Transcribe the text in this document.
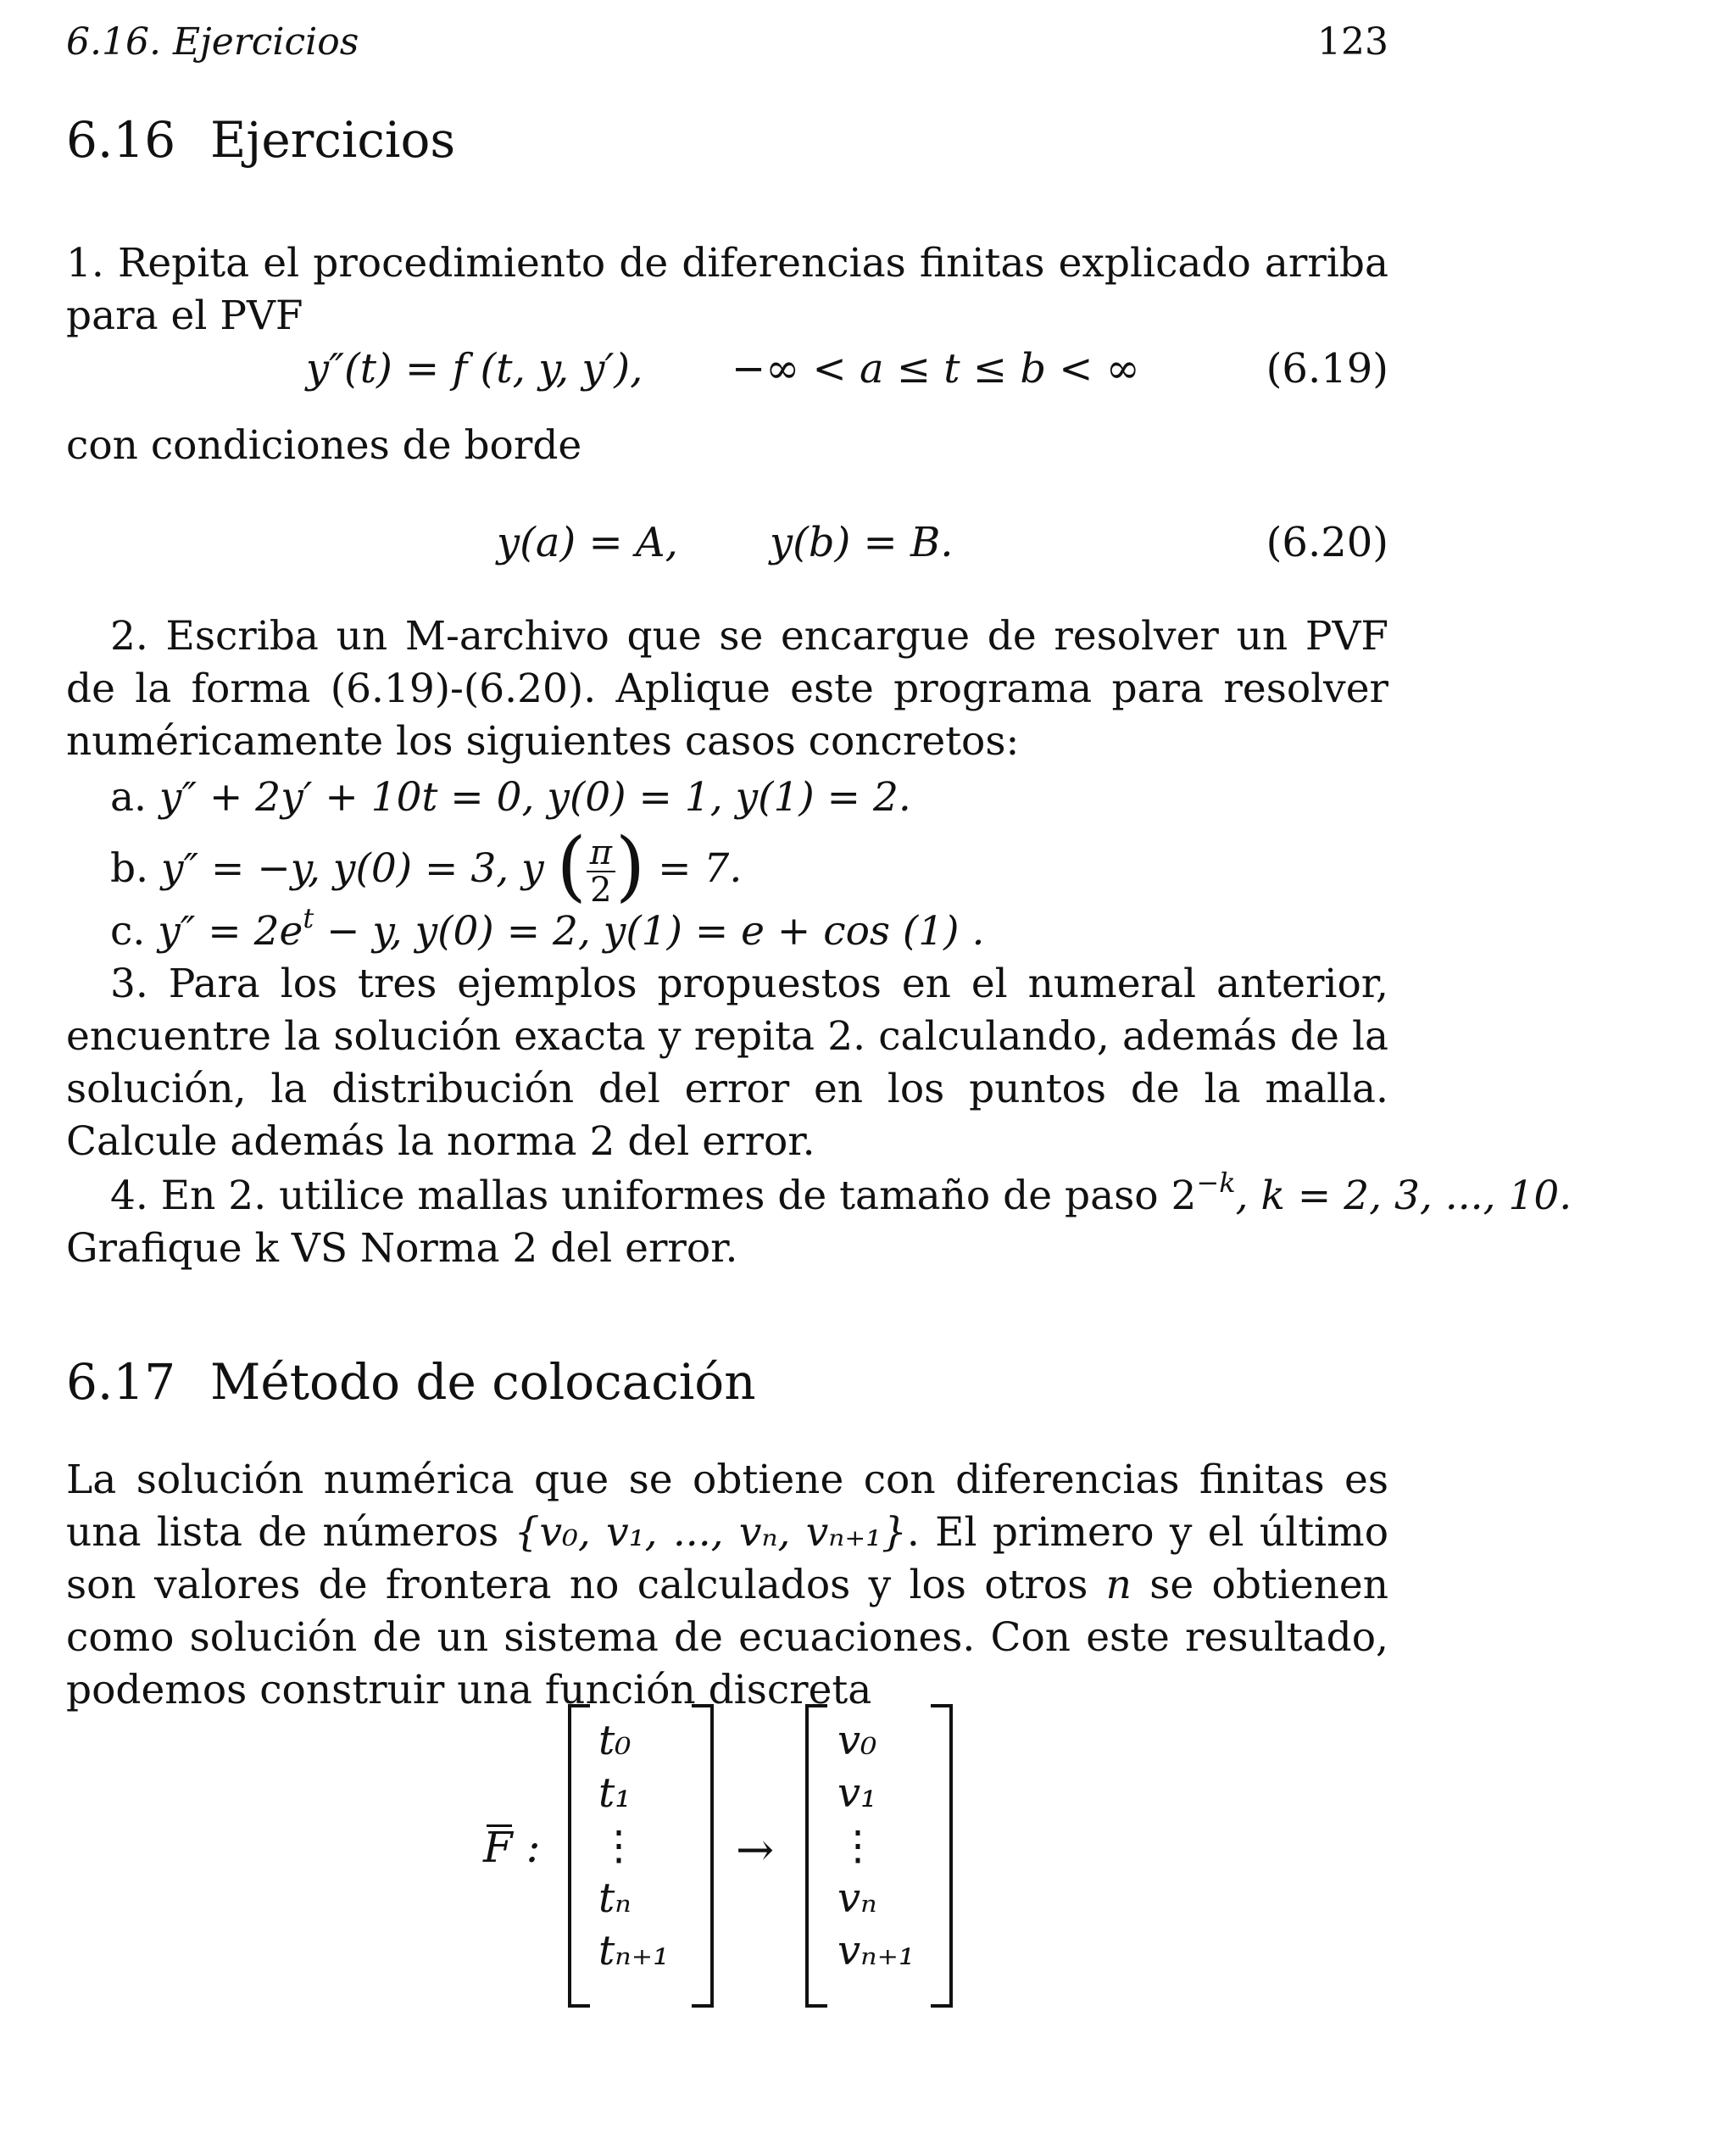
6.16. Ejercicios	123
6.16 Ejercicios
1. Repita el procedimiento de diferencias finitas explicado arriba para el PVF
y″(t) = f (t, y, y′), −∞ < a ≤ t ≤ b < ∞	(6.19)
con condiciones de borde
y(a) = A, y(b) = B.	(6.20)
2. Escriba un M-archivo que se encargue de resolver un PVF de la forma (6.19)-(6.20). Aplique este programa para resolver numéricamente los siguientes casos concretos:
a. y″ + 2y′ + 10t = 0, y(0) = 1, y(1) = 2.
b. y″ = −y, y(0) = 3, y ( $\frac{\pi}{2}$ ) = 7.
c. $y'' = 2e^t - y$, y(0) = 2, y(1) = e + cos (1) .
3. Para los tres ejemplos propuestos en el numeral anterior, encuentre la solución exacta y repita 2. calculando, además de la solución, la distribución del error en los puntos de la malla. Calcule además la norma 2 del error.
4. En 2. utilice mallas uniformes de tamaño de paso $2^{-k}$, k = 2, 3, ..., 10.
Grafique k VS Norma 2 del error.
6.17 Método de colocación
La solución numérica que se obtiene con diferencias finitas es una lista de números {v₀, v₁, ..., vₙ, vₙ₊₁}. El primero y el último son valores de frontera no calculados y los otros n se obtienen como solución de un sistema de ecuaciones. Con este resultado, podemos construir una función discreta
F :
t₀
t₁
⋮
tₙ
tₙ₊₁
→
v₀
v₁
⋮
vₙ
vₙ₊₁
